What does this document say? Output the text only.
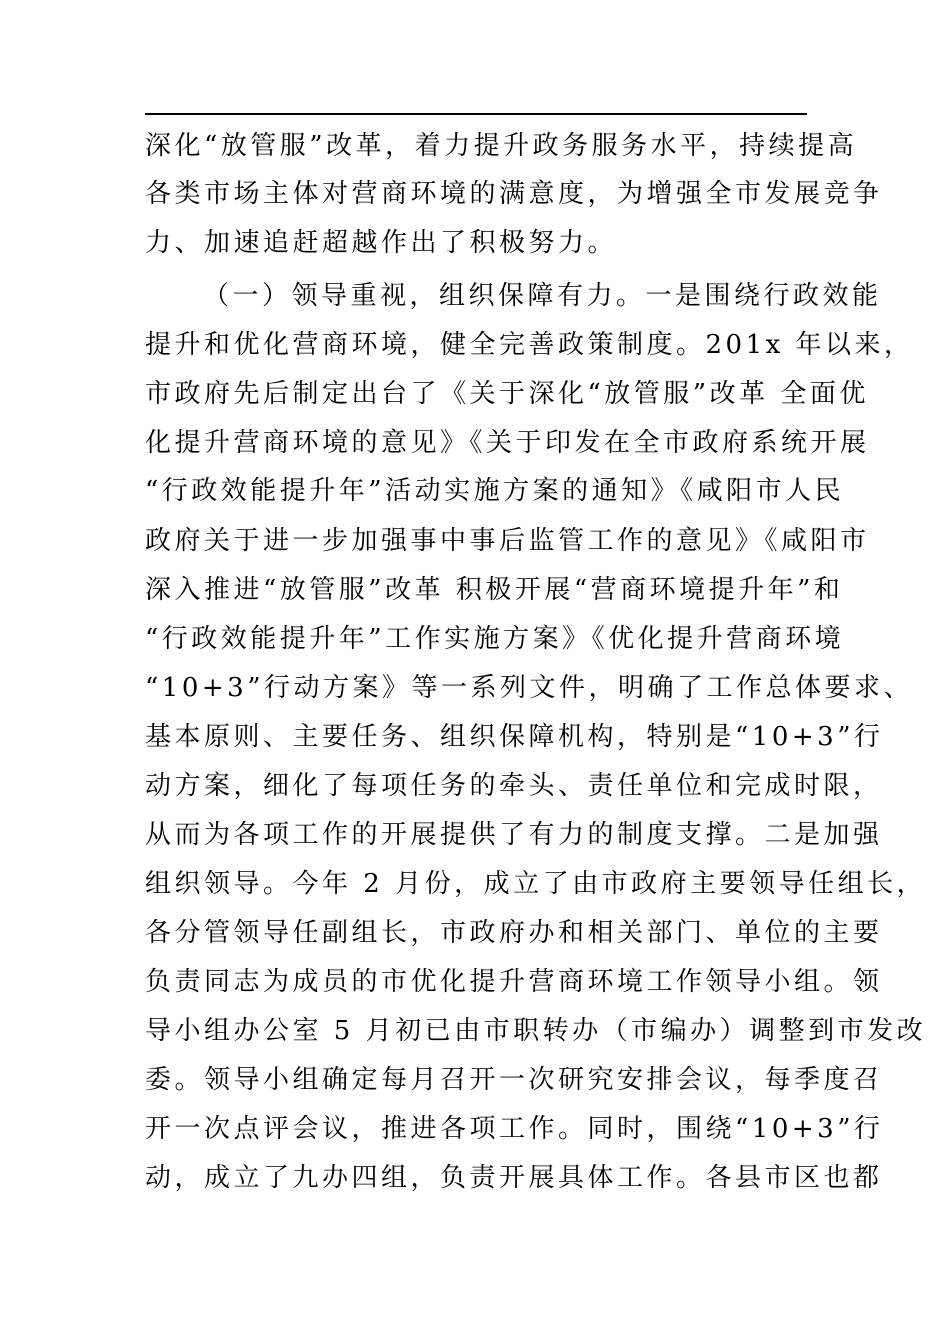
深化“放管服”改革，着力提升政务服务水平，持续提高
各类市场主体对营商环境的满意度，为增强全市发展竞争
力、加速追赶超越作出了积极努力。
（一）领导重视，组织保障有力。一是围绕行政效能
提升和优化营商环境，健全完善政策制度。201x 年以来，
市政府先后制定出台了《关于深化“放管服”改革 全面优
化提升营商环境的意见》《关于印发在全市政府系统开展
“行政效能提升年”活动实施方案的通知》《咸阳市人民
政府关于进一步加强事中事后监管工作的意见》《咸阳市
深入推进“放管服”改革 积极开展“营商环境提升年”和
“行政效能提升年”工作实施方案》《优化提升营商环境
“10+3”行动方案》等一系列文件，明确了工作总体要求、
基本原则、主要任务、组织保障机构，特别是“10+3”行
动方案，细化了每项任务的牵头、责任单位和完成时限，
从而为各项工作的开展提供了有力的制度支撑。二是加强
组织领导。今年 2 月份，成立了由市政府主要领导任组长，
各分管领导任副组长，市政府办和相关部门、单位的主要
负责同志为成员的市优化提升营商环境工作领导小组。领
导小组办公室 5 月初已由市职转办（市编办）调整到市发改
委。领导小组确定每月召开一次研究安排会议，每季度召
开一次点评会议，推进各项工作。同时，围绕“10+3”行
动，成立了九办四组，负责开展具体工作。各县市区也都
